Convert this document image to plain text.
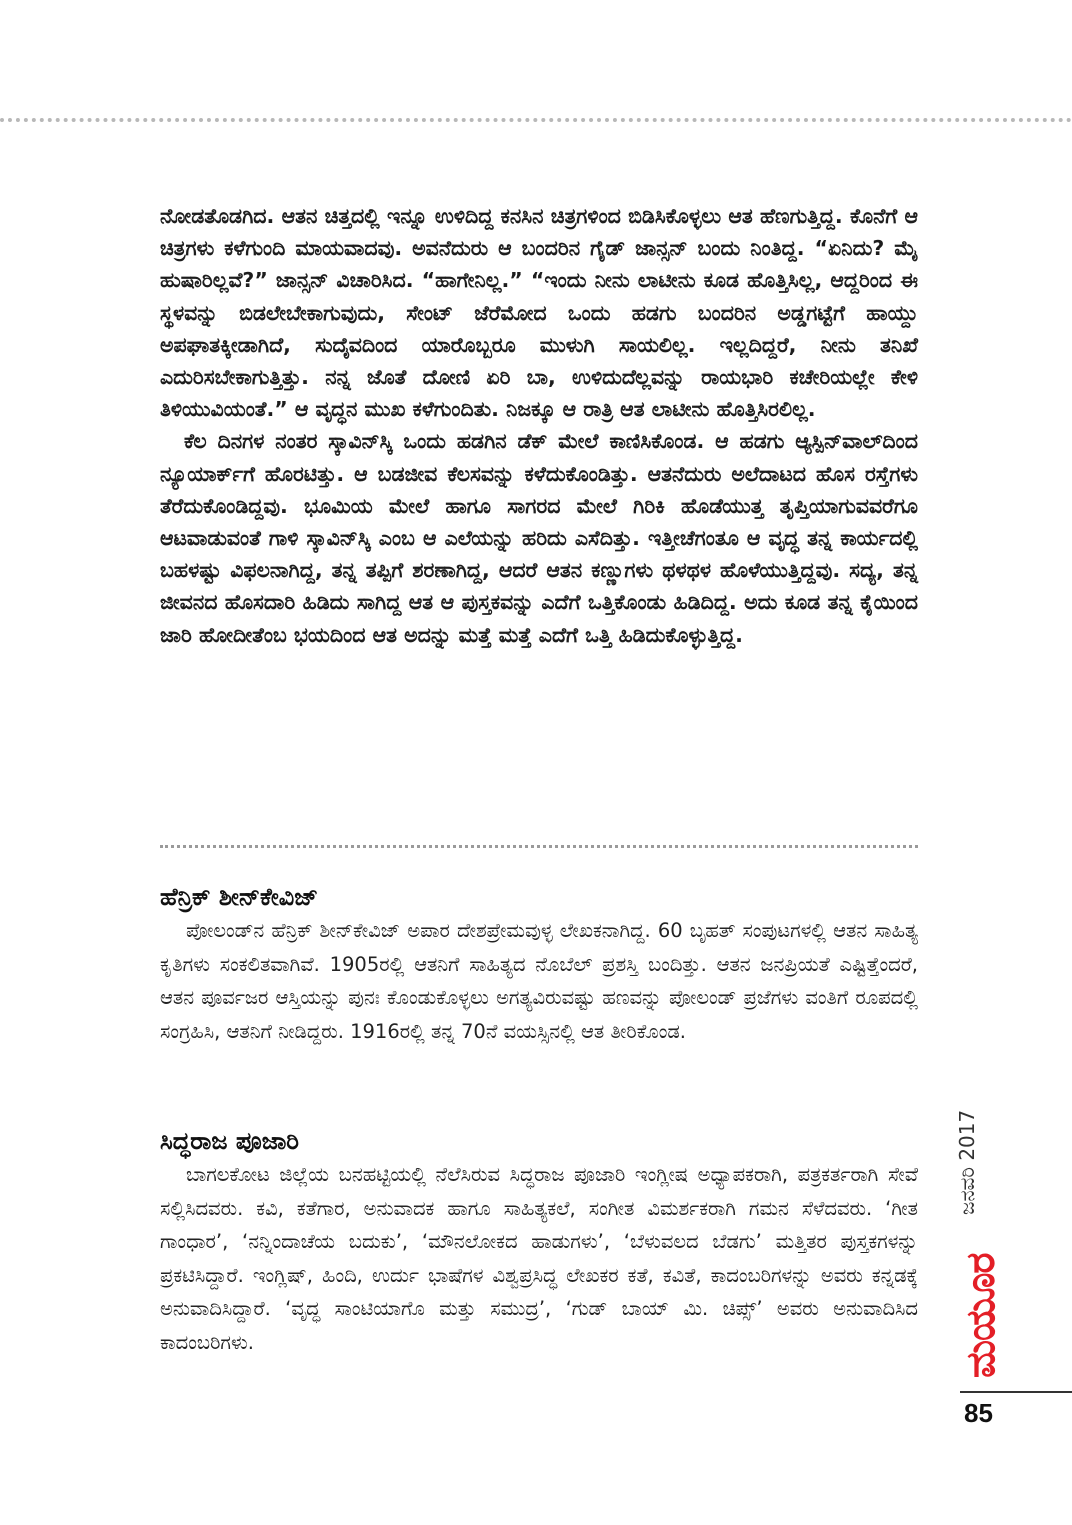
ನೋಡತೊಡಗಿದ. ಆತನ ಚಿತ್ತದಲ್ಲಿ ಇನ್ನೂ ಉಳಿದಿದ್ದ ಕನಸಿನ ಚಿತ್ರಗಳಿಂದ ಬಿಡಿಸಿಕೊಳ್ಳಲು ಆತ ಹೆಣಗುತ್ತಿದ್ದ. ಕೊನೆಗೆ ಆ ಚಿತ್ರಗಳು ಕಳೆಗುಂದಿ ಮಾಯವಾದವು. ಅವನೆದುರು ಆ ಬಂದರಿನ ಗೈಡ್ ಜಾನ್ಸನ್ ಬಂದು ನಿಂತಿದ್ದ. “ಏನಿದು? ಮೈ ಹುಷಾರಿಲ್ಲವೆ?” ಜಾನ್ಸನ್ ವಿಚಾರಿಸಿದ. “ಹಾಗೇನಿಲ್ಲ.” “ಇಂದು ನೀನು ಲಾಟೀನು ಕೂಡ ಹೊತ್ತಿಸಿಲ್ಲ, ಆದ್ದರಿಂದ ಈ ಸ್ಥಳವನ್ನು ಬಿಡಲೇಬೇಕಾಗುವುದು, ಸೇಂಟ್ ಜೆರೆಮೋದ ಒಂದು ಹಡಗು ಬಂದರಿನ ಅಡ್ಡಗಟ್ಟೆಗೆ ಹಾಯ್ದು ಅಪಘಾತಕ್ಕೀಡಾಗಿದೆ, ಸುದೈವದಿಂದ ಯಾರೊಬ್ಬರೂ ಮುಳುಗಿ ಸಾಯಲಿಲ್ಲ. ಇಲ್ಲದಿದ್ದರೆ, ನೀನು ತನಿಖೆ ಎದುರಿಸಬೇಕಾಗುತ್ತಿತ್ತು. ನನ್ನ ಜೊತೆ ದೋಣಿ ಏರಿ ಬಾ, ಉಳಿದುದೆಲ್ಲವನ್ನು ರಾಯಭಾರಿ ಕಚೇರಿಯಲ್ಲೇ ಕೇಳಿ ತಿಳಿಯುವಿಯಂತೆ.” ಆ ವೃದ್ಧನ ಮುಖ ಕಳೆಗುಂದಿತು. ನಿಜಕ್ಕೂ ಆ ರಾತ್ರಿ ಆತ ಲಾಟೀನು ಹೊತ್ತಿಸಿರಲಿಲ್ಲ.

ಕೆಲ ದಿನಗಳ ನಂತರ ಸ್ಕಾವಿನ್‌ಸ್ಕಿ ಒಂದು ಹಡಗಿನ ಡೆಕ್ ಮೇಲೆ ಕಾಣಿಸಿಕೊಂಡ. ಆ ಹಡಗು ಆ್ಯಸ್ಪಿನ್‌ವಾಲ್‌ದಿಂದ ನ್ಯೂಯಾರ್ಕ್‌ಗೆ ಹೊರಟಿತ್ತು. ಆ ಬಡಜೀವ ಕೆಲಸವನ್ನು ಕಳೆದುಕೊಂಡಿತ್ತು. ಆತನೆದುರು ಅಲೆದಾಟದ ಹೊಸ ರಸ್ತೆಗಳು ತೆರೆದುಕೊಂಡಿದ್ದವು. ಭೂಮಿಯ ಮೇಲೆ ಹಾಗೂ ಸಾಗರದ ಮೇಲೆ ಗಿರಿಕಿ ಹೊಡೆಯುತ್ತ ತೃಪ್ತಿಯಾಗುವವರೆಗೂ ಆಟವಾಡುವಂತೆ ಗಾಳಿ ಸ್ಕಾವಿನ್‌ಸ್ಕಿ ಎಂಬ ಆ ಎಲೆಯನ್ನು ಹರಿದು ಎಸೆದಿತ್ತು. ಇತ್ತೀಚೆಗಂತೂ ಆ ವೃದ್ಧ ತನ್ನ ಕಾರ್ಯದಲ್ಲಿ ಬಹಳಷ್ಟು ವಿಫಲನಾಗಿದ್ದ, ತನ್ನ ತಪ್ಪಿಗೆ ಶರಣಾಗಿದ್ದ, ಆದರೆ ಆತನ ಕಣ್ಣುಗಳು ಥಳಥಳ ಹೊಳೆಯುತ್ತಿದ್ದವು. ಸದ್ಯ, ತನ್ನ ಜೀವನದ ಹೊಸದಾರಿ ಹಿಡಿದು ಸಾಗಿದ್ದ ಆತ ಆ ಪುಸ್ತಕವನ್ನು ಎದೆಗೆ ಒತ್ತಿಕೊಂಡು ಹಿಡಿದಿದ್ದ. ಅದು ಕೂಡ ತನ್ನ ಕೈಯಿಂದ ಜಾರಿ ಹೋದೀತೆಂಬ ಭಯದಿಂದ ಆತ ಅದನ್ನು ಮತ್ತೆ ಮತ್ತೆ ಎದೆಗೆ ಒತ್ತಿ ಹಿಡಿದುಕೊಳ್ಳುತ್ತಿದ್ದ.

ಹೆನ್ರಿಕ್ ಶೀನ್‌ಕೇವಿಜ್

ಪೋಲಂಡ್‌ನ ಹೆನ್ರಿಕ್ ಶೀನ್‌ಕೇವಿಜ್ ಅಪಾರ ದೇಶಪ್ರೇಮವುಳ್ಳ ಲೇಖಕನಾಗಿದ್ದ. 60 ಬೃಹತ್ ಸಂಪುಟಗಳಲ್ಲಿ ಆತನ ಸಾಹಿತ್ಯ ಕೃತಿಗಳು ಸಂಕಲಿತವಾಗಿವೆ. 1905ರಲ್ಲಿ ಆತನಿಗೆ ಸಾಹಿತ್ಯದ ನೊಬೆಲ್ ಪ್ರಶಸ್ತಿ ಬಂದಿತ್ತು. ಆತನ ಜನಪ್ರಿಯತೆ ಎಷ್ಟಿತ್ತೆಂದರೆ, ಆತನ ಪೂರ್ವಜರ ಆಸ್ತಿಯನ್ನು ಪುನಃ ಕೊಂಡುಕೊಳ್ಳಲು ಅಗತ್ಯವಿರುವಷ್ಟು ಹಣವನ್ನು ಪೋಲಂಡ್ ಪ್ರಜೆಗಳು ವಂತಿಗೆ ರೂಪದಲ್ಲಿ ಸಂಗ್ರಹಿಸಿ, ಆತನಿಗೆ ನೀಡಿದ್ದರು. 1916ರಲ್ಲಿ ತನ್ನ 70ನೆ ವಯಸ್ಸಿನಲ್ಲಿ ಆತ ತೀರಿಕೊಂಡ.

ಸಿದ್ಧರಾಜ ಪೂಜಾರಿ

ಬಾಗಲಕೋಟ ಜಿಲ್ಲೆಯ ಬನಹಟ್ಟಿಯಲ್ಲಿ ನೆಲೆಸಿರುವ ಸಿದ್ಧರಾಜ ಪೂಜಾರಿ ಇಂಗ್ಲೀಷ ಅಧ್ಯಾಪಕರಾಗಿ, ಪತ್ರಕರ್ತರಾಗಿ ಸೇವೆ ಸಲ್ಲಿಸಿದವರು. ಕವಿ, ಕತೆಗಾರ, ಅನುವಾದಕ ಹಾಗೂ ಸಾಹಿತ್ಯಕಲೆ, ಸಂಗೀತ ವಿಮರ್ಶಕರಾಗಿ ಗಮನ ಸೆಳೆದವರು. ‘ಗೀತ ಗಾಂಧಾರ’, ‘ನನ್ನಿಂದಾಚೆಯ ಬದುಕು’, ‘ಮೌನಲೋಕದ ಹಾಡುಗಳು’, ‘ಬೆಳುವಲದ ಬೆಡಗು’ ಮತ್ತಿತರ ಪುಸ್ತಕಗಳನ್ನು ಪ್ರಕಟಿಸಿದ್ದಾರೆ. ಇಂಗ್ಲಿಷ್, ಹಿಂದಿ, ಉರ್ದು ಭಾಷೆಗಳ ವಿಶ್ವಪ್ರಸಿದ್ಧ ಲೇಖಕರ ಕತೆ, ಕವಿತೆ, ಕಾದಂಬರಿಗಳನ್ನು ಅವರು ಕನ್ನಡಕ್ಕೆ ಅನುವಾದಿಸಿದ್ದಾರೆ. ‘ವೃದ್ಧ ಸಾಂಟಿಯಾಗೊ ಮತ್ತು ಸಮುದ್ರ’, ‘ಗುಡ್ ಬಾಯ್ ಮಿ. ಚಿಪ್ಸ್’ ಅವರು ಅನುವಾದಿಸಿದ ಕಾದಂಬರಿಗಳು.

ಜನವರಿ 2017
ಮಯೂರ
85
